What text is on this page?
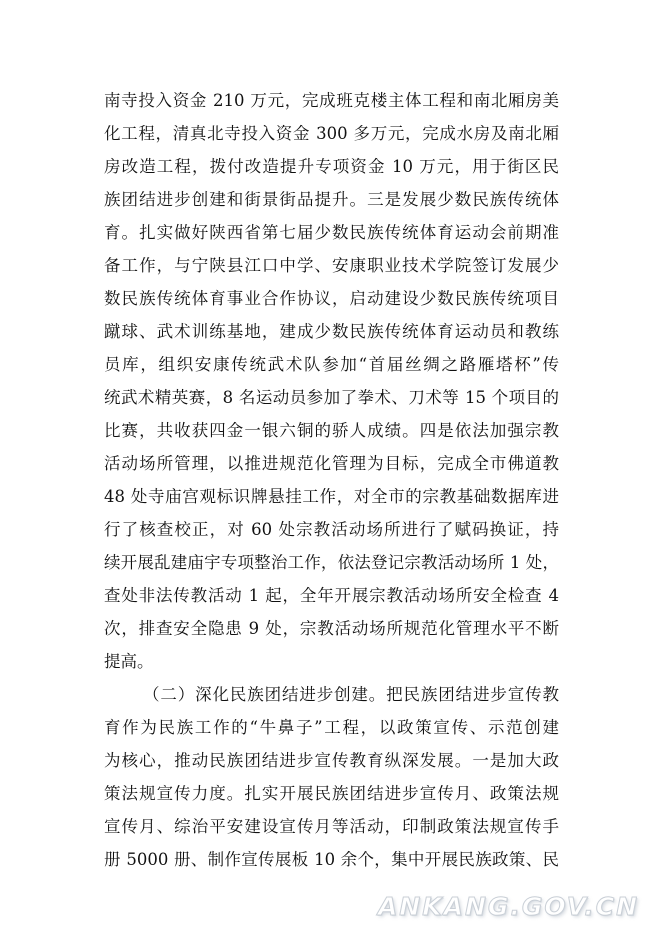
南寺投入资金 210 万元，完成班克楼主体工程和南北厢房美
化工程，清真北寺投入资金 300 多万元，完成水房及南北厢
房改造工程，拨付改造提升专项资金 10 万元，用于街区民
族团结进步创建和街景街品提升。三是发展少数民族传统体
育。扎实做好陕西省第七届少数民族传统体育运动会前期准
备工作，与宁陕县江口中学、安康职业技术学院签订发展少
数民族传统体育事业合作协议，启动建设少数民族传统项目
蹴球、武术训练基地，建成少数民族传统体育运动员和教练
员库，组织安康传统武术队参加“首届丝绸之路雁塔杯”传
统武术精英赛，8 名运动员参加了拳术、刀术等 15 个项目的
比赛，共收获四金一银六铜的骄人成绩。四是依法加强宗教
活动场所管理，以推进规范化管理为目标，完成全市佛道教
48 处寺庙宫观标识牌悬挂工作，对全市的宗教基础数据库进
行了核查校正，对 60 处宗教活动场所进行了赋码换证，持
续开展乱建庙宇专项整治工作，依法登记宗教活动场所 1 处，
查处非法传教活动 1 起，全年开展宗教活动场所安全检查 4
次，排查安全隐患 9 处，宗教活动场所规范化管理水平不断
提高。
（二）深化民族团结进步创建。把民族团结进步宣传教
育作为民族工作的“牛鼻子”工程，以政策宣传、示范创建
为核心，推动民族团结进步宣传教育纵深发展。一是加大政
策法规宣传力度。扎实开展民族团结进步宣传月、政策法规
宣传月、综治平安建设宣传月等活动，印制政策法规宣传手
册 5000 册、制作宣传展板 10 余个，集中开展民族政策、民
ANKANG.GOV.CN
